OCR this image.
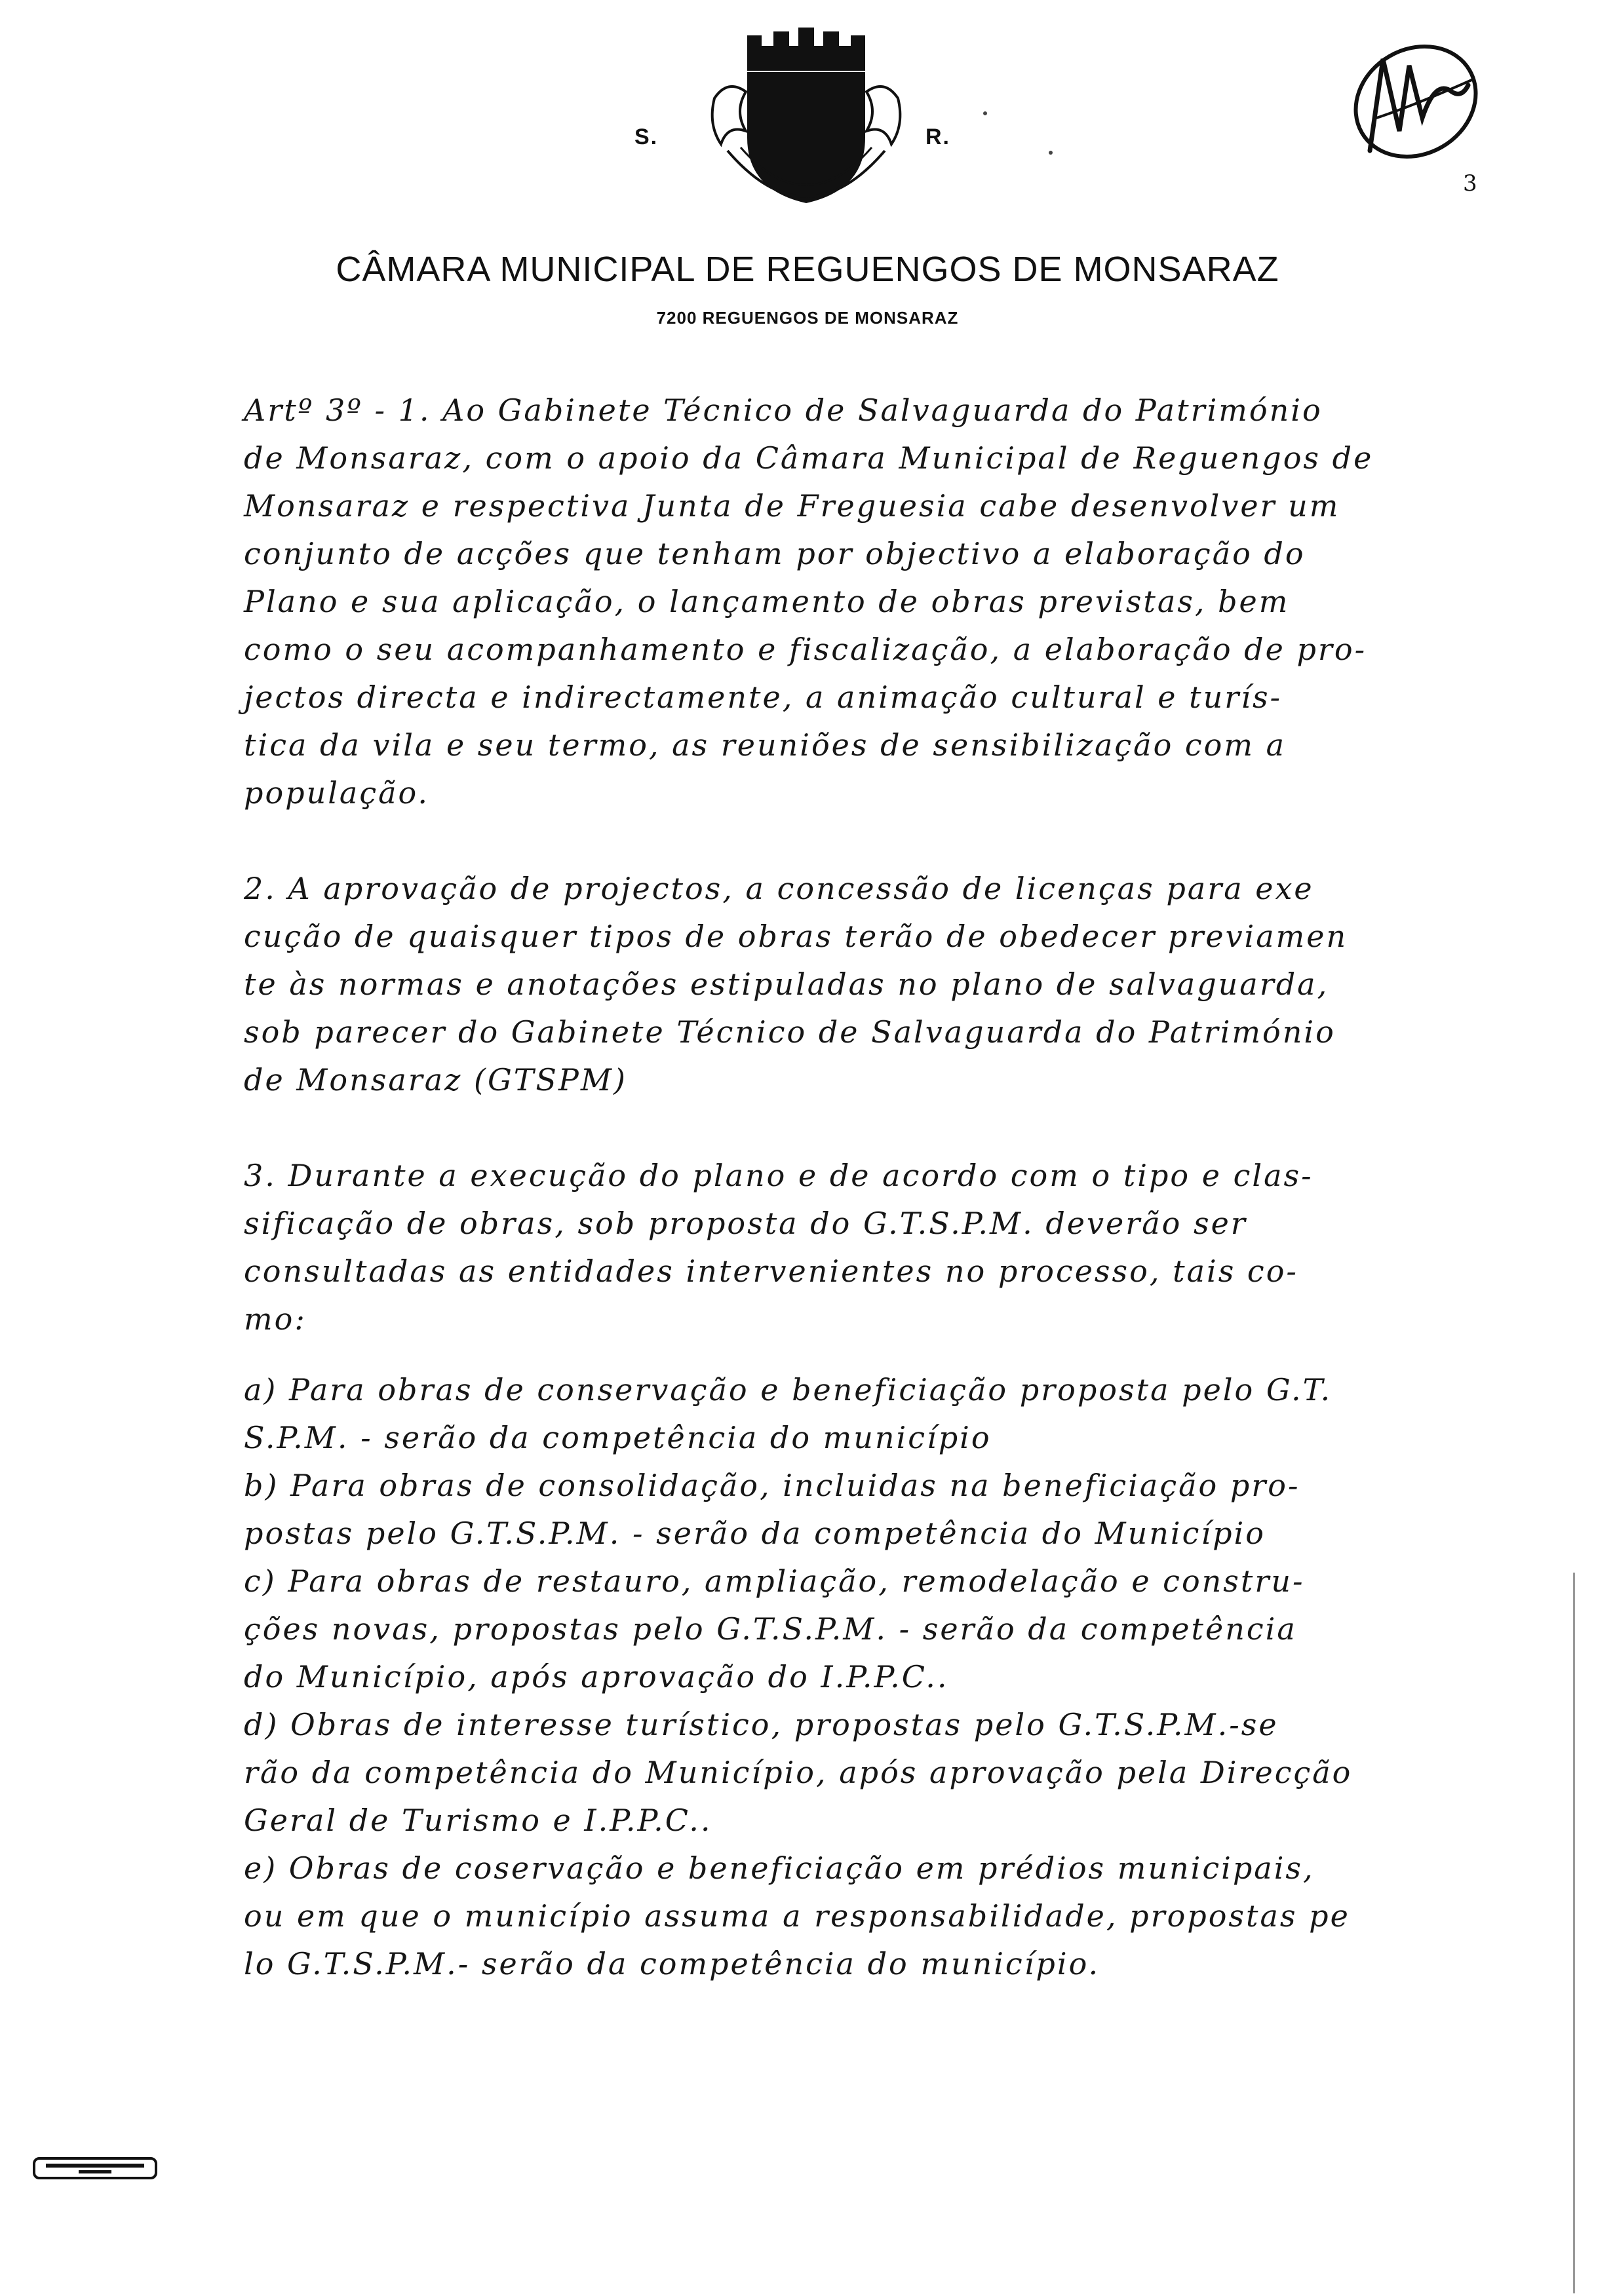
S.	R.
CÂMARA MUNICIPAL DE REGUENGOS DE MONSARAZ
7200 REGUENGOS DE MONSARAZ
3

Artº 3º - 1. Ao Gabinete Técnico de Salvaguarda do Património

de Monsaraz, com o apoio da Câmara Municipal de Reguengos de

Monsaraz e respectiva Junta de Freguesia cabe desenvolver um

conjunto de acções que tenham por objectivo a elaboração do

Plano e sua aplicação, o lançamento de obras previstas, bem

como o seu acompanhamento e fiscalização, a elaboração de pro-

jectos directa e indirectamente, a animação cultural e turís-

tica da vila e seu termo, as reuniões de sensibilização com a

população.

2. A aprovação de projectos, a concessão de licenças para exe

cução de quaisquer tipos de obras terão de obedecer previamen

te às normas e anotações estipuladas no plano de salvaguarda,

sob parecer do Gabinete Técnico de Salvaguarda do Património

de Monsaraz (GTSPM)

3. Durante a execução do plano e de acordo com o tipo e clas-

sificação de obras, sob proposta do G.T.S.P.M. deverão ser

consultadas as entidades intervenientes no processo, tais co-

mo:

a) Para obras de conservação e beneficiação proposta pelo G.T.

S.P.M. - serão da competência do município

b) Para obras de consolidação, incluidas na beneficiação pro-

postas pelo G.T.S.P.M. - serão da competência do Município

c) Para obras de restauro, ampliação, remodelação e constru-

ções novas, propostas pelo G.T.S.P.M. - serão da competência

do Município, após aprovação do I.P.P.C..

d) Obras de interesse turístico, propostas pelo G.T.S.P.M.-se

rão da competência do Município, após aprovação pela Direcção

Geral de Turismo e I.P.P.C..

e) Obras de coservação e beneficiação em prédios municipais,

ou em que o município assuma a responsabilidade, propostas pe

lo G.T.S.P.M.- serão da competência do município.
